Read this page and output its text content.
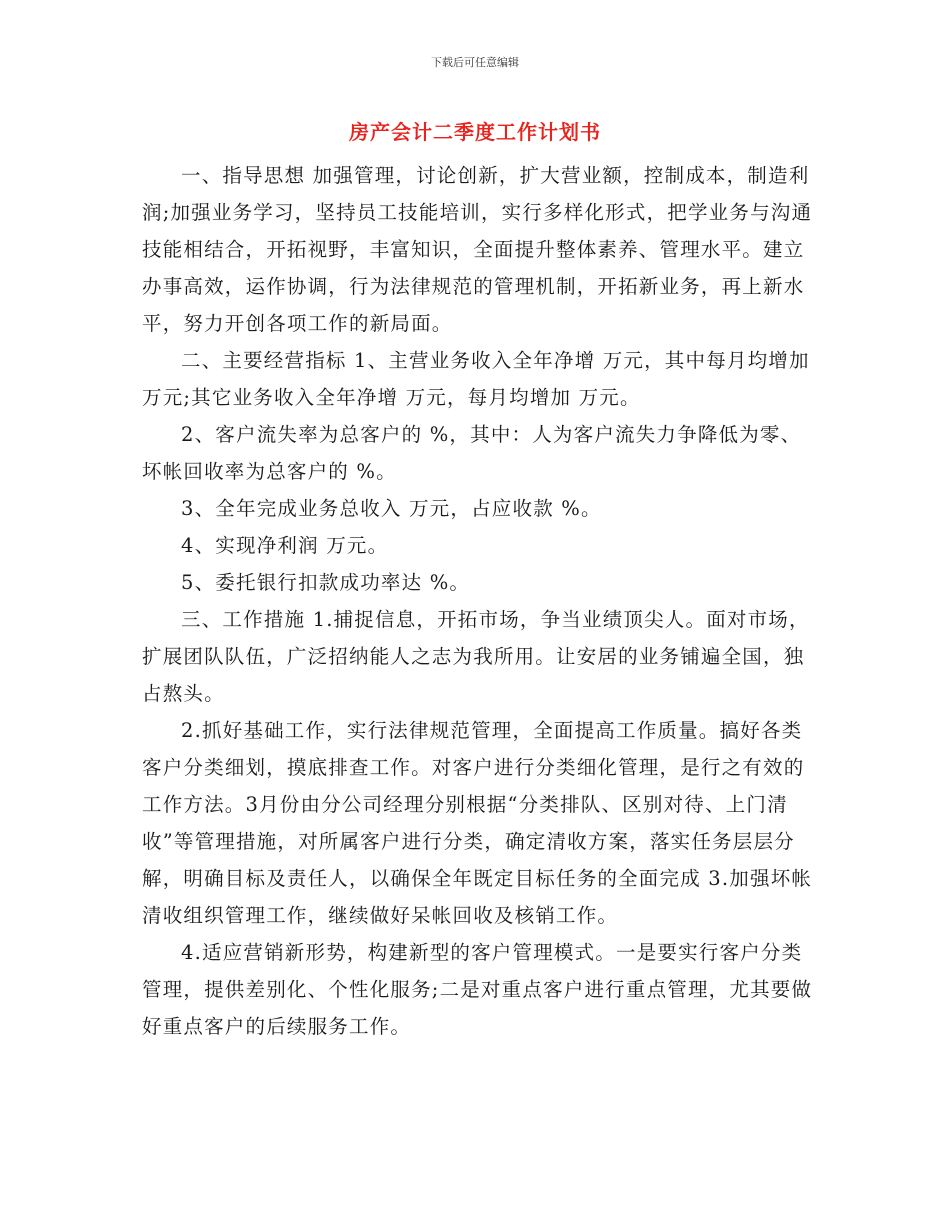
下载后可任意编辑
房产会计二季度工作计划书

一、指导思想 加强管理，讨论创新，扩大营业额，控制成本，制造利润;加强业务学习，坚持员工技能培训，实行多样化形式，把学业务与沟通技能相结合，开拓视野，丰富知识，全面提升整体素养、管理水平。建立办事高效，运作协调，行为法律规范的管理机制，开拓新业务，再上新水平，努力开创各项工作的新局面。

二、主要经营指标 1、主营业务收入全年净增 万元，其中每月均增加 万元;其它业务收入全年净增 万元，每月均增加 万元。

2、客户流失率为总客户的 %，其中：人为客户流失力争降低为零、坏帐回收率为总客户的 %。

3、全年完成业务总收入 万元，占应收款 %。

4、实现净利润 万元。

5、委托银行扣款成功率达 %。

三、工作措施 1.捕捉信息，开拓市场，争当业绩顶尖人。面对市场，扩展团队队伍，广泛招纳能人之志为我所用。让安居的业务铺遍全国，独占熬头。

2.抓好基础工作，实行法律规范管理，全面提高工作质量。搞好各类客户分类细划，摸底排查工作。对客户进行分类细化管理，是行之有效的工作方法。3月份由分公司经理分别根据“分类排队、区别对待、上门清收”等管理措施，对所属客户进行分类，确定清收方案，落实任务层层分解，明确目标及责任人，以确保全年既定目标任务的全面完成 3.加强坏帐清收组织管理工作，继续做好呆帐回收及核销工作。

4.适应营销新形势，构建新型的客户管理模式。一是要实行客户分类管理，提供差别化、个性化服务;二是对重点客户进行重点管理，尤其要做好重点客户的后续服务工作。
